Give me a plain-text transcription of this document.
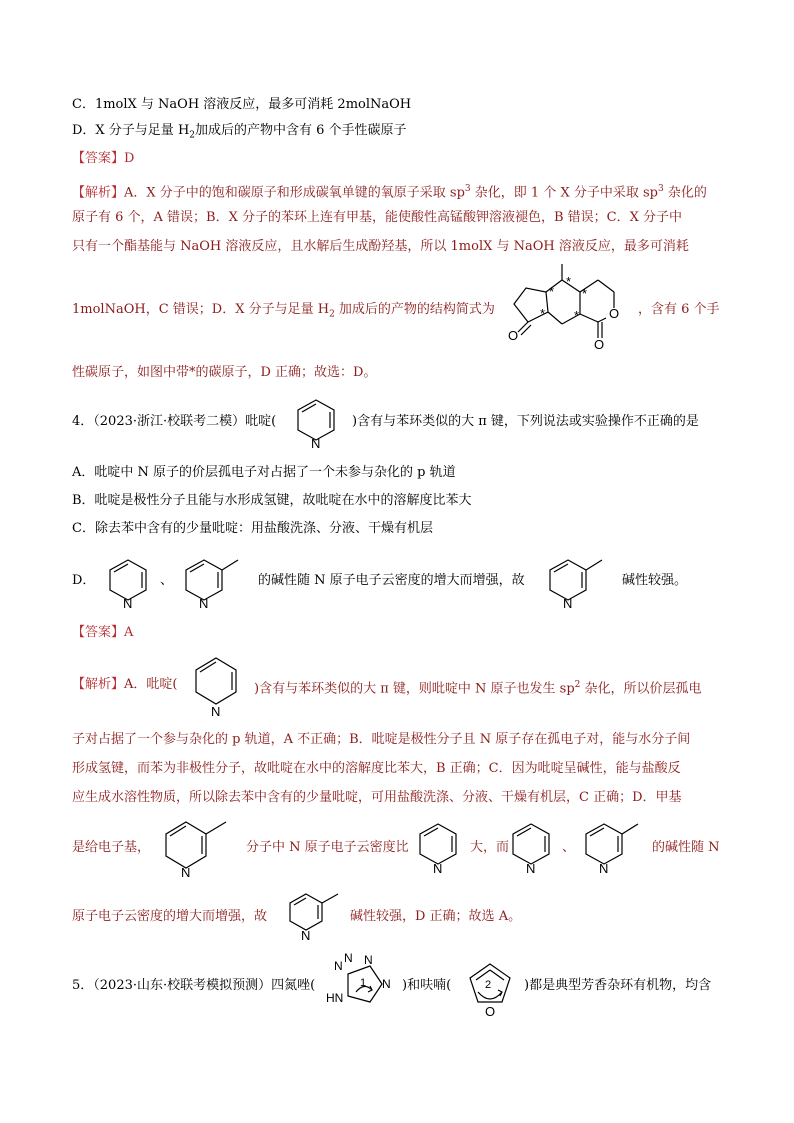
C．1molX 与 NaOH 溶液反应，最多可消耗 2molNaOH
D．X 分子与足量 $H_2$加成后的产物中含有 6 个手性碳原子
【答案】D
【解析】A．X 分子中的饱和碳原子和形成碳氧单键的氧原子采取 $sp^3$ 杂化，即 1 个 X 分子中采取 $sp^3$ 杂化的
原子有 6 个，A 错误；B．X 分子的苯环上连有甲基，能使酸性高锰酸钾溶液褪色，B 错误；C．X 分子中
只有一个酯基能与 NaOH 溶液反应，且水解后生成酚羟基，所以 1molX 与 NaOH 溶液反应，最多可消耗
1molNaOH，C 错误；D．X 分子与足量 $H_2$ 加成后的产物的结构简式为	，含有 6 个手
O
O
O
*
*
*
*
*
性碳原子，如图中带*的碳原子，D 正确；故选：D。
4．（2023·浙江·校联考二模）吡啶(
N
)含有与苯环类似的大 π 键，下列说法或实验操作不正确的是
A．吡啶中 N 原子的价层孤电子对占据了一个未参与杂化的 p 轨道
B．吡啶是极性分子且能与水形成氢键，故吡啶在水中的溶解度比苯大
C．除去苯中含有的少量吡啶：用盐酸洗涤、分液、干燥有机层
D．
N
、
N
的碱性随 N 原子电子云密度的增大而增强，故
N
碱性较强。
【答案】A
【解析】A．吡啶(
N
)含有与苯环类似的大 π 键，则吡啶中 N 原子也发生 $sp^2$ 杂化，所以价层孤电
子对占据了一个参与杂化的 p 轨道，A 不正确；B．吡啶是极性分子且 N 原子存在孤电子对，能与水分子间
形成氢键，而苯为非极性分子，故吡啶在水中的溶解度比苯大，B 正确；C．因为吡啶呈碱性，能与盐酸反
应生成水溶性物质，所以除去苯中含有的少量吡啶，可用盐酸洗涤、分液、干燥有机层，C 正确；D．甲基
是给电子基，
N
分子中 N 原子电子云密度比
N
大，而
N
、
N
的碱性随 N
原子电子云密度的增大而增强，故
N
碱性较强，D 正确；故选 A。
5．（2023·山东·校联考模拟预测）四氮唑(
N
N N
N
HN
1	)和呋喃(	2
O
)都是典型芳香杂环有机物，均含
